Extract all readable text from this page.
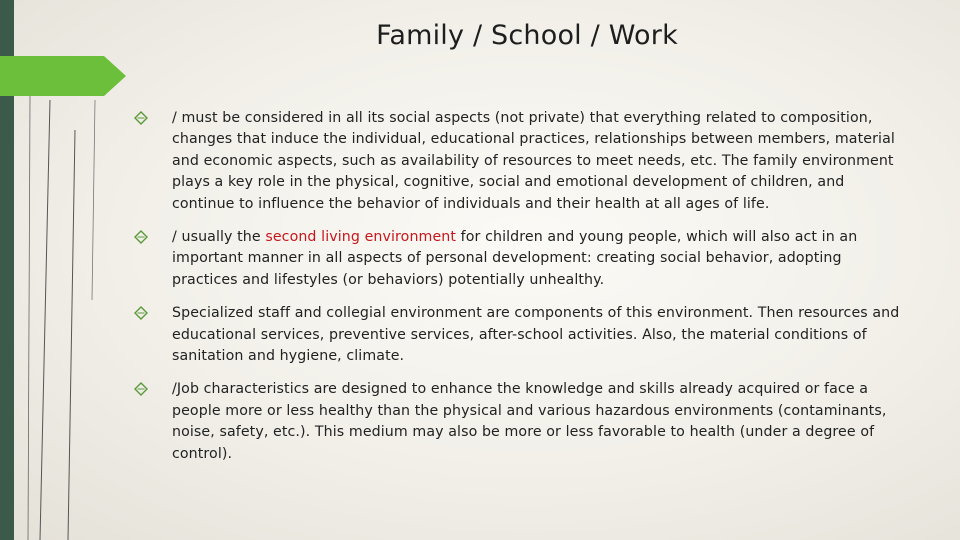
Family / School / Work
/ must be considered in all its social aspects (not private) that everything related to composition, changes that induce the individual, educational practices, relationships between members, material and economic aspects, such as availability of resources to meet needs, etc. The family environment plays a key role in the physical, cognitive, social and emotional development of children, and continue to influence the behavior of individuals and their health at all ages of life.
/ usually the second living environment for children and young people, which will also act in an important manner in all aspects of personal development: creating social behavior, adopting practices and lifestyles (or behaviors) potentially unhealthy.
Specialized staff and collegial environment are components of this environment. Then resources and educational services, preventive services, after-school activities. Also, the material conditions of sanitation and hygiene, climate.
/Job characteristics are designed to enhance the knowledge and skills already acquired or face a people more or less healthy than the physical and various hazardous environments (contaminants, noise, safety, etc.). This medium may also be more or less favorable to health (under a degree of control).
